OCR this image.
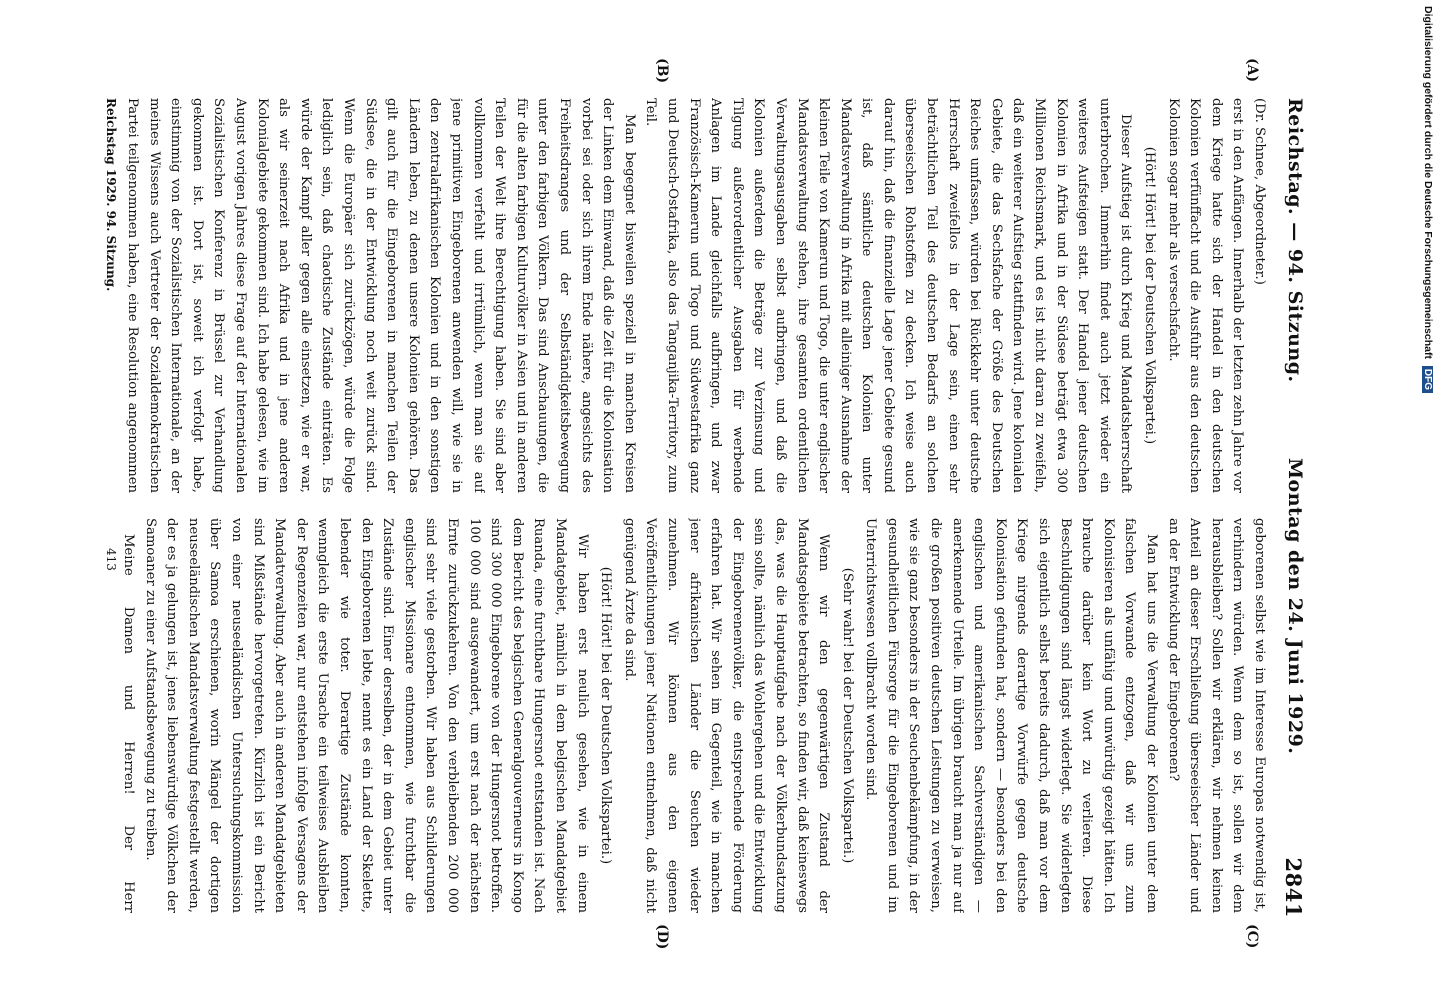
Reichstag. — 94. Sitzung.
Montag den 24. Juni 1929.
2841
(A)
(B)
(C)
(D)

(Dr. Schnee, Abgeordneter.)

erst in den Anfängen. Innerhalb der letzten zehn Jahre vor dem Kriege hatte sich der Handel in den deutschen Kolonien verfünffacht und die Ausfuhr aus den deutschen Kolonien sogar mehr als versechsfacht.

(Hört! Hört! bei der Deutschen Volkspartei.)

Dieser Aufstieg ist durch Krieg und Mandatsherrschaft unterbrochen. Immerhin findet auch jetzt wieder ein weiteres Aufsteigen statt. Der Handel jener deutschen Kolonien in Afrika und in der Südsee beträgt etwa 300 Millionen Reichsmark, und es ist nicht daran zu zweifeln, daß ein weiterer Aufstieg stattfinden wird. Jene kolonialen Gebiete, die das Sechsfache der Größe des Deutschen Reiches umfassen, würden bei Rückkehr unter deutsche Herrschaft zweifellos in der Lage sein, einen sehr beträchtlichen Teil des deutschen Bedarfs an solchen überseeischen Rohstoffen zu decken. Ich weise auch darauf hin, daß die finanzielle Lage jener Gebiete gesund ist, daß sämtliche deutschen Kolonien unter Mandatsverwaltung in Afrika mit alleiniger Ausnahme der kleinen Teile von Kamerun und Togo, die unter englischer Mandatsverwaltung stehen, ihre gesamten ordentlichen Verwaltungsausgaben selbst aufbringen, und daß die Kolonien außerdem die Beträge zur Verzinsung und Tilgung außerordentlicher Ausgaben für werbende Anlagen im Lande gleichfalls aufbringen, und zwar Französisch-Kamerun und Togo und Südwestafrika ganz und Deutsch-Ostafrika, also das Tanganjika-Territory, zum Teil.

Man begegnet bisweilen speziell in manchen Kreisen der Linken dem Einwand, daß die Zeit für die Kolonisation vorbei sei oder sich ihrem Ende nähere, angesichts des Freiheitsdranges und der Selbständigkeitsbewegung unter den farbigen Völkern. Das sind Anschauungen, die für die alten farbigen Kulturvölker in Asien und in anderen Teilen der Welt ihre Berechtigung haben. Sie sind aber vollkommen verfehlt und irrtümlich, wenn man sie auf jene primitiven Eingeborenen anwenden will, wie sie in den zentralafrikanischen Kolonien und in den sonstigen Ländern leben, zu denen unsere Kolonien gehören. Das gilt auch für die Eingeborenen in manchen Teilen der Südsee, die in der Entwicklung noch weit zurück sind. Wenn die Europäer sich zurückzögen, würde die Folge lediglich sein, daß chaotische Zustände einträten. Es würde der Kampf aller gegen alle einsetzen, wie er war, als wir seinerzeit nach Afrika und in jene anderen Kolonialgebiete gekommen sind. Ich habe gelesen, wie im August vorigen Jahres diese Frage auf der Internationalen Sozialistischen Konferenz in Brüssel zur Verhandlung gekommen ist. Dort ist, soweit ich verfolgt habe, einstimmig von der Sozialistischen Internationale, an der meines Wissens auch Vertreter der Sozialdemokratischen Partei teilgenommen haben, eine Resolution angenommen

geborenen selbst wie im Interesse Europas notwendig ist, verhindern würden. Wenn dem so ist, sollen wir dem herausbleiben? Sollen wir erklären, wir nehmen keinen Anteil an dieser Erschließung überseeischer Länder und an der Entwicklung der Eingeborenen?

Man hat uns die Verwaltung der Kolonien unter dem falschen Vorwande entzogen, daß wir uns zum Kolonisieren als unfähig und unwürdig gezeigt hätten. Ich brauche darüber kein Wort zu verlieren. Diese Beschuldigungen sind längst widerlegt. Sie widerlegten sich eigentlich selbst bereits dadurch, daß man vor dem Kriege nirgends derartige Vorwürfe gegen deutsche Kolonisation gefunden hat, sondern — besonders bei den englischen und amerikanischen Sachverständigen — anerkennende Urteile. Im übrigen braucht man ja nur auf die großen positiven deutschen Leistungen zu verweisen, wie sie ganz besonders in der Seuchenbekämpfung, in der gesundheitlichen Fürsorge für die Eingeborenen und im Unterrichtswesen vollbracht worden sind.

(Sehr wahr! bei der Deutschen Volkspartei.)

Wenn wir den gegenwärtigen Zustand der Mandatsgebiete betrachten, so finden wir, daß keineswegs das, was die Hauptaufgabe nach der Völkerbundsatzung sein sollte, nämlich das Wohlergehen und die Entwicklung der Eingeborenenvölker, die entsprechende Förderung erfahren hat. Wir sehen im Gegenteil, wie in manchen jener afrikanischen Länder die Seuchen wieder zunehmen. Wir können aus den eigenen Veröffentlichungen jener Nationen entnehmen, daß nicht genügend Ärzte da sind.

(Hört! Hört! bei der Deutschen Volkspartei.)

Wir haben erst neulich gesehen, wie in einem Mandatgebiet, nämlich in dem belgischen Mandatgebiet Ruanda, eine furchtbare Hungersnot entstanden ist. Nach dem Bericht des belgischen Generalgouverneurs in Kongo sind 300 000 Eingeborene von der Hungersnot betroffen. 100 000 sind ausgewandert, um erst nach der nächsten Ernte zurückzukehren. Von den verbleibenden 200 000 sind sehr viele gestorben. Wir haben aus Schilderungen englischer Missionare entnommen, wie furchtbar die Zustände sind. Einer derselben, der in dem Gebiet unter den Eingeborenen lebte, nennt es ein Land der Skelette, lebender wie toter. Derartige Zustände konnten, wenngleich die erste Ursache ein teilweises Ausbleiben der Regenzeiten war, nur entstehen infolge Versagens der Mandatverwaltung. Aber auch in anderen Mandatgebieten sind Mißstände hervorgetreten. Kürzlich ist ein Bericht von einer neuseeländischen Untersuchungskommission über Samoa erschienen, worin Mängel der dortigen neuseeländischen Mandatsverwaltung festgestellt werden, der es ja gelungen ist, jenes liebenswürdige Völkchen der Samoaner zu einer Aufstandsbewegung zu treiben.

Meine Damen und Herren! Der Herr

Reichstag 1929. 94. Sitzung.
413
Digitalisierung gefördert durch die Deutsche Forschungsgemeinschaft DFG
